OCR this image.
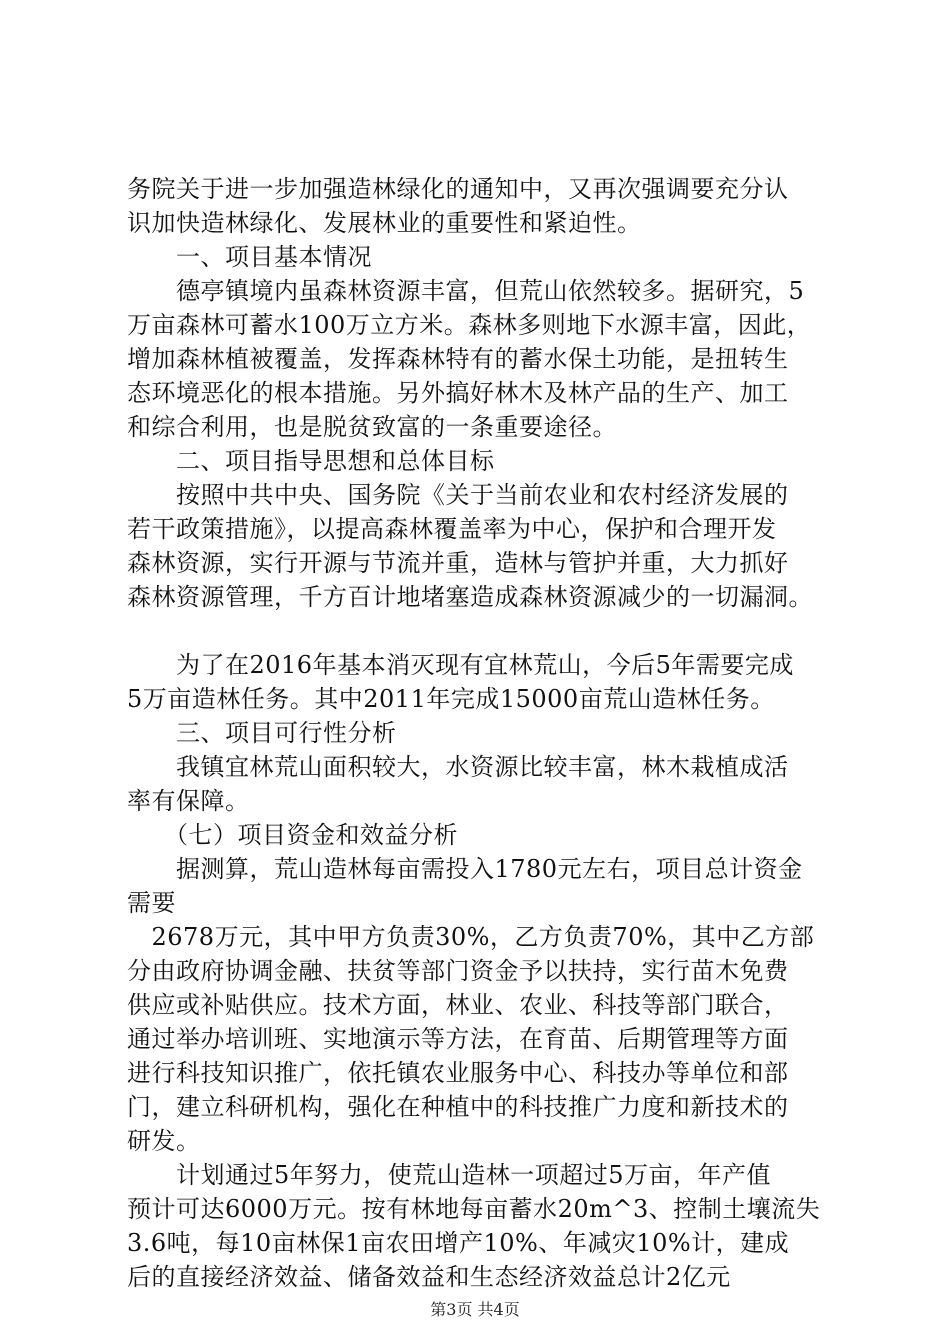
务院关于进一步加强造林绿化的通知中，又再次强调要充分认
识加快造林绿化、发展林业的重要性和紧迫性。
　　一、项目基本情况
　　德亭镇境内虽森林资源丰富，但荒山依然较多。据研究，5
万亩森林可蓄水100万立方米。森林多则地下水源丰富，因此，
增加森林植被覆盖，发挥森林特有的蓄水保土功能，是扭转生
态环境恶化的根本措施。另外搞好林木及林产品的生产、加工
和综合利用，也是脱贫致富的一条重要途径。
　　二、项目指导思想和总体目标
　　按照中共中央、国务院《关于当前农业和农村经济发展的
若干政策措施》，以提高森林覆盖率为中心，保护和合理开发
森林资源，实行开源与节流并重，造林与管护并重，大力抓好
森林资源管理，千方百计地堵塞造成森林资源减少的一切漏洞。
　　为了在2016年基本消灭现有宜林荒山，今后5年需要完成
5万亩造林任务。其中2011年完成15000亩荒山造林任务。
　　三、项目可行性分析
　　我镇宜林荒山面积较大，水资源比较丰富，林木栽植成活
率有保障。
　　（七）项目资金和效益分析
　　据测算，荒山造林每亩需投入1780元左右，项目总计资金
需要
　2678万元，其中甲方负责30%，乙方负责70%，其中乙方部
分由政府协调金融、扶贫等部门资金予以扶持，实行苗木免费
供应或补贴供应。技术方面，林业、农业、科技等部门联合，
通过举办培训班、实地演示等方法，在育苗、后期管理等方面
进行科技知识推广，依托镇农业服务中心、科技办等单位和部
门，建立科研机构，强化在种植中的科技推广力度和新技术的
研发。
　　计划通过5年努力，使荒山造林一项超过5万亩，年产值
预计可达6000万元。按有林地每亩蓄水20m^3、控制土壤流失
3.6吨，每10亩林保1亩农田增产10%、年减灾10%计，建成
后的直接经济效益、储备效益和生态经济效益总计2亿元
第3页 共4页
